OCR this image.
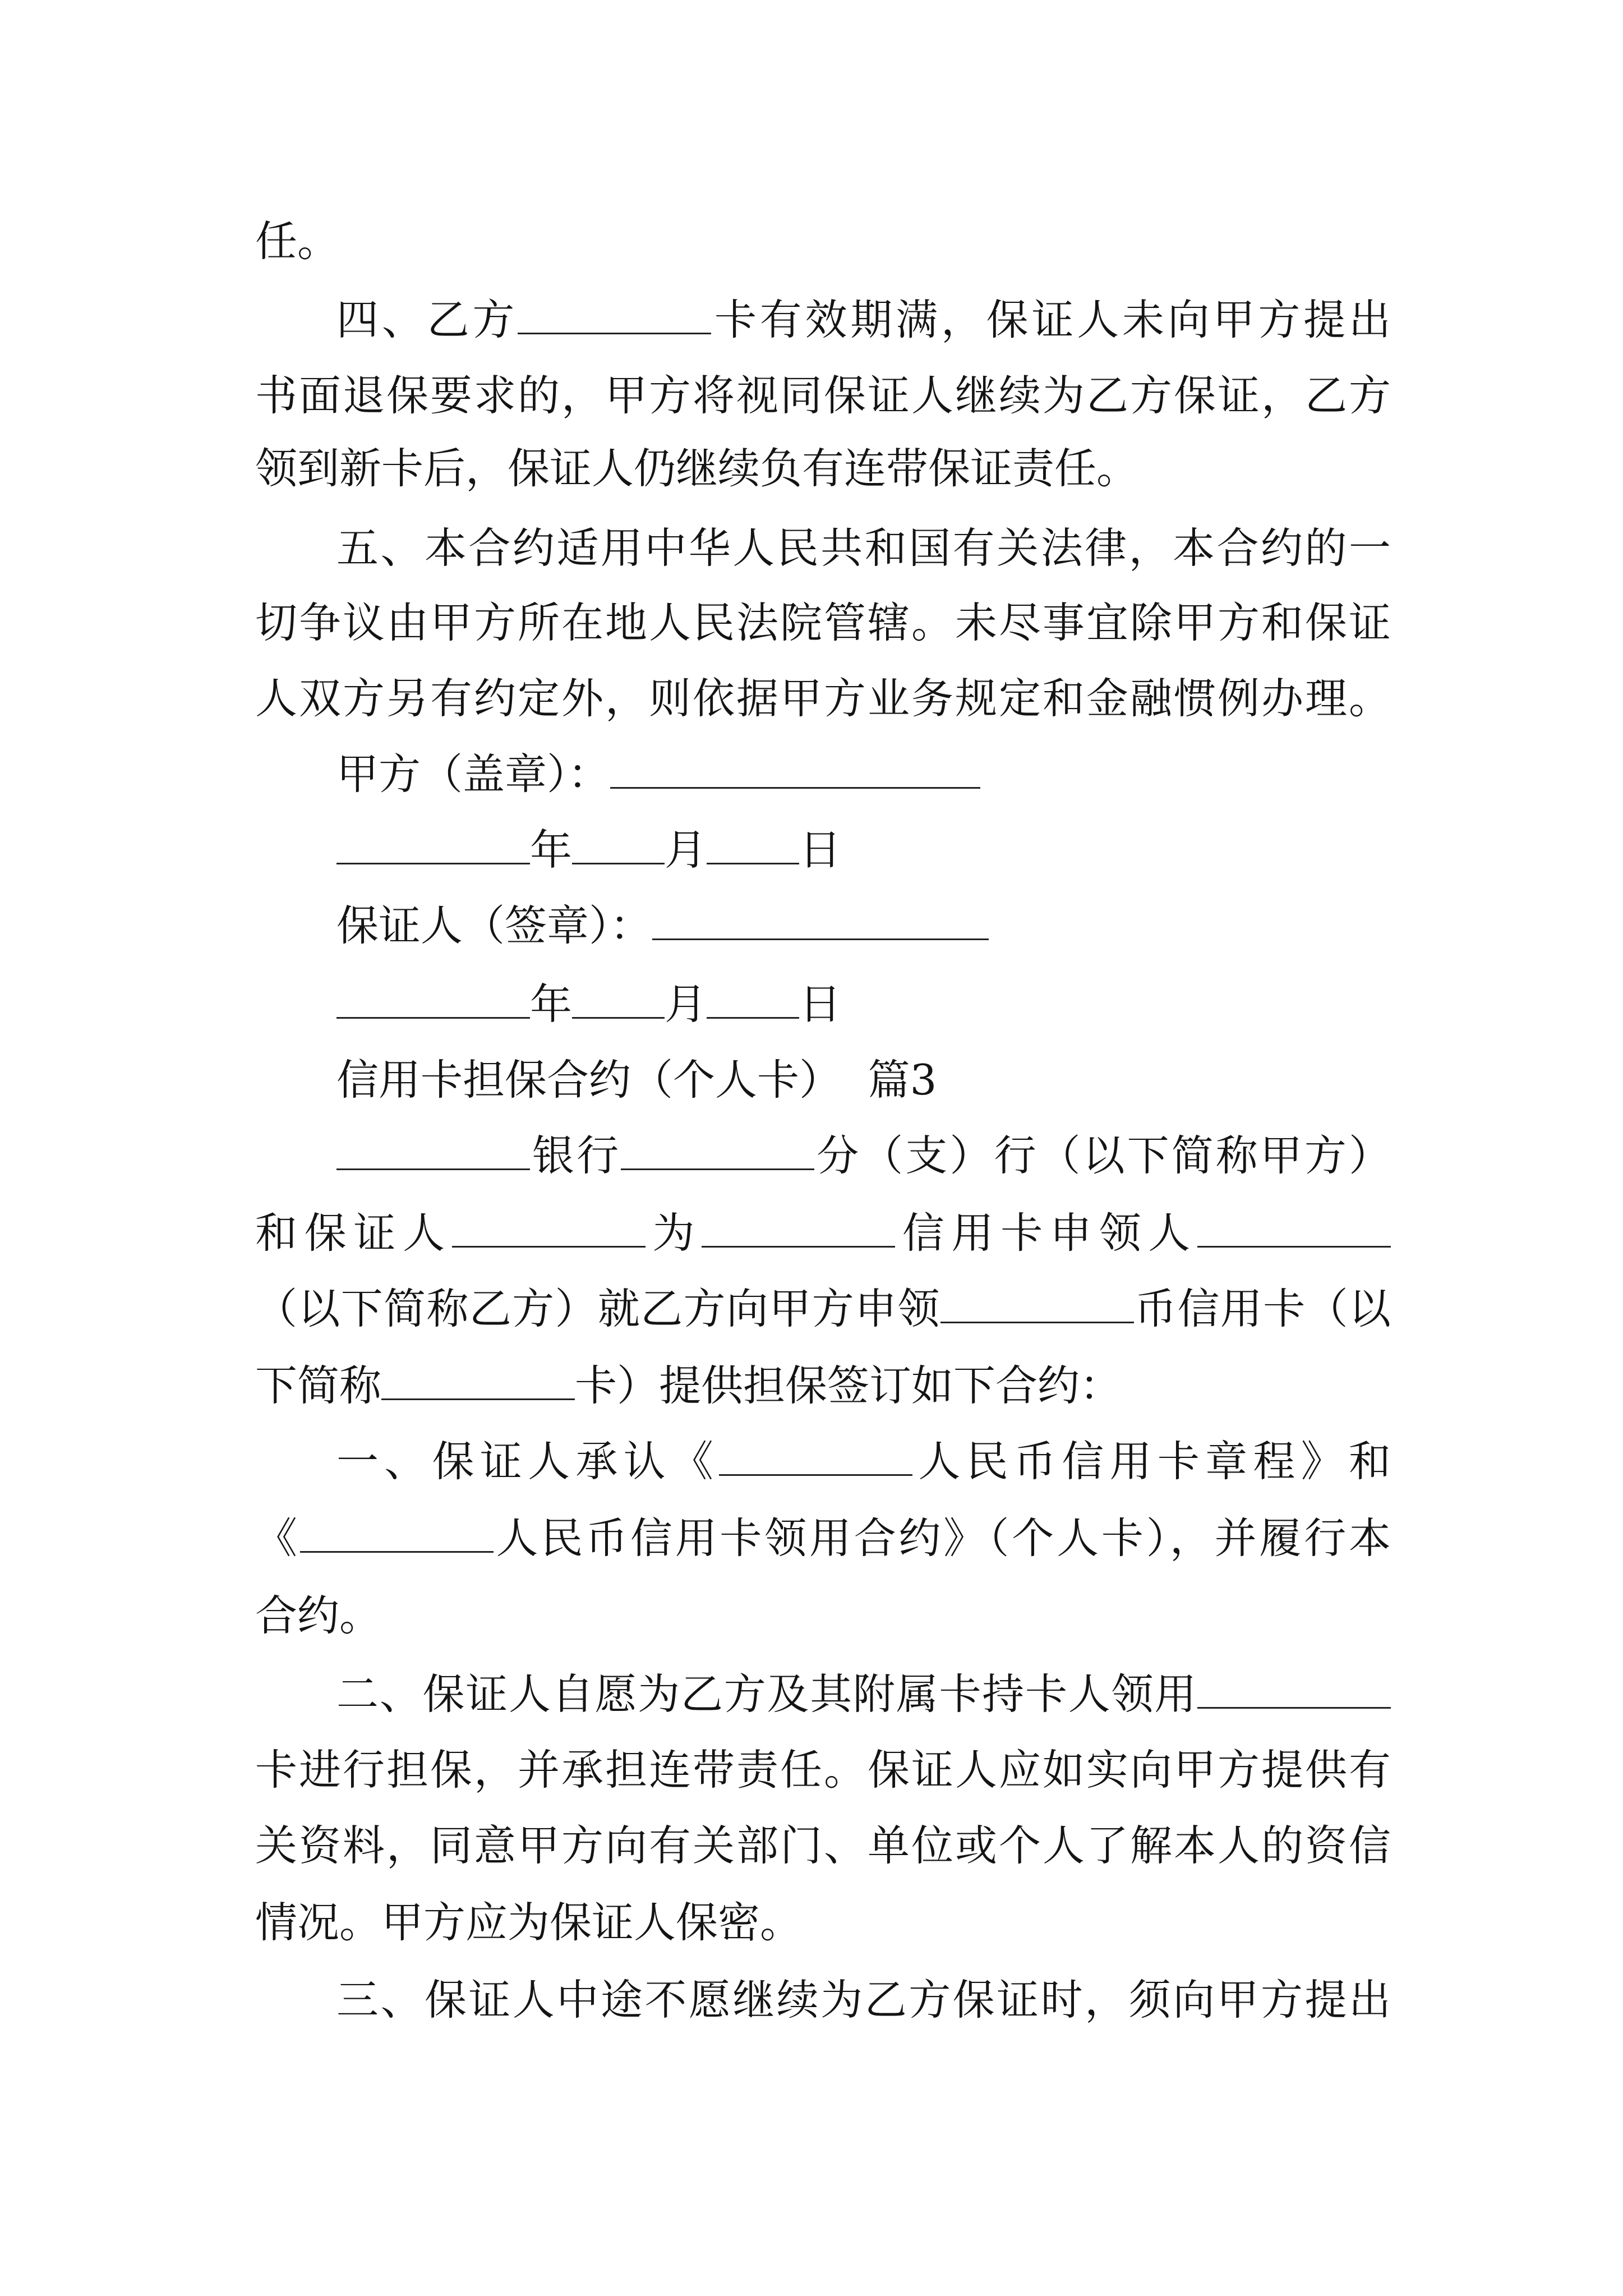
任。
四、乙方	卡有效期满，保证人未向甲方提出
书面退保要求的，甲方将视同保证人继续为乙方保证，乙方
领到新卡后，保证人仍继续负有连带保证责任。
五、本合约适用中华人民共和国有关法律，本合约的一
切争议由甲方所在地人民法院管辖。未尽事宜除甲方和保证
人双方另有约定外，则依据甲方业务规定和金融惯例办理。
甲方（盖章）：
年 月 日
保证人（签章）：
年 月 日
信用卡担保合约（个人卡）  篇3
银行	分（支）行（以下简称甲方）
和保证人	为	信用卡申领人
（以下简称乙方）就乙方向甲方申领	币信用卡（以
下简称	卡）提供担保签订如下合约：
一、保证人承认《	人民币信用卡章程》和
《	人民币信用卡领用合约》（个人卡），并履行本
合约。
二、保证人自愿为乙方及其附属卡持卡人领用
卡进行担保，并承担连带责任。保证人应如实向甲方提供有
关资料，同意甲方向有关部门、单位或个人了解本人的资信
情况。甲方应为保证人保密。
三、保证人中途不愿继续为乙方保证时，须向甲方提出
